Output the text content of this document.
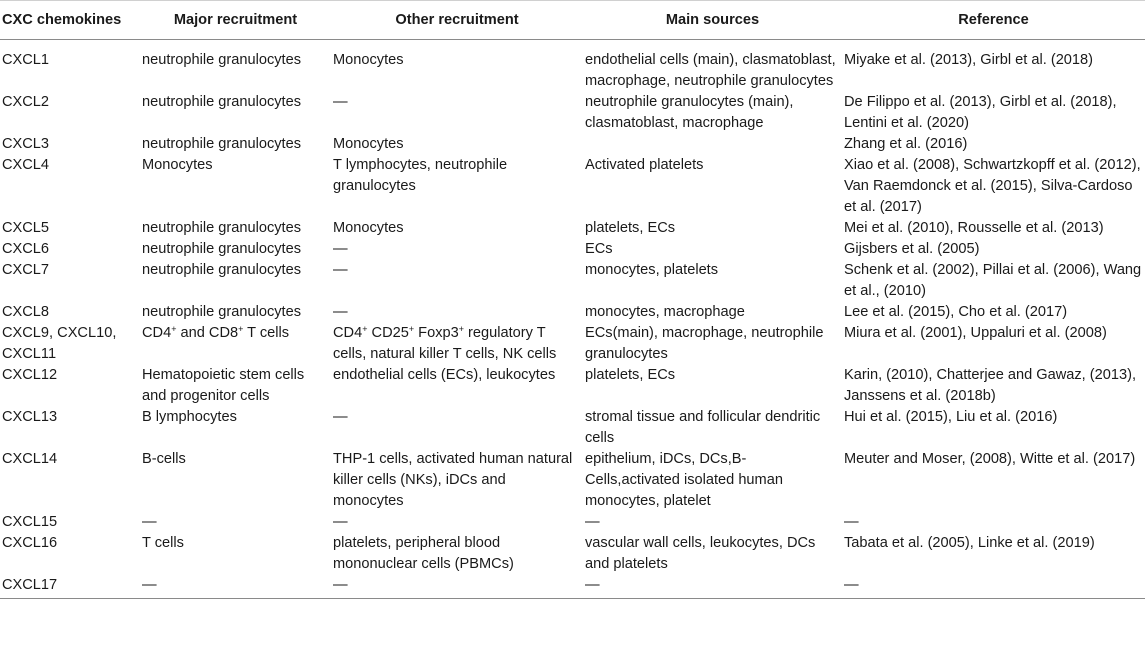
CXC chemokines	Major recruitment	Other recruitment	Main sources	Reference
CXCL1	neutrophile granulocytes	Monocytes	endothelial cells (main), clasmatoblast, macrophage, neutrophile granulocytes	Miyake et al. (2013), Girbl et al. (2018)
CXCL2	neutrophile granulocytes	—	neutrophile granulocytes (main), clasmatoblast, macrophage	De Filippo et al. (2013), Girbl et al. (2018), Lentini et al. (2020)
CXCL3	neutrophile granulocytes	Monocytes		Zhang et al. (2016)
CXCL4	Monocytes	T lymphocytes, neutrophile granulocytes	Activated platelets	Xiao et al. (2008), Schwartzkopff et al. (2012), Van Raemdonck et al. (2015), Silva-Cardoso et al. (2017)
CXCL5	neutrophile granulocytes	Monocytes	platelets, ECs	Mei et al. (2010), Rousselle et al. (2013)
CXCL6	neutrophile granulocytes	—	ECs	Gijsbers et al. (2005)
CXCL7	neutrophile granulocytes	—	monocytes, platelets	Schenk et al. (2002), Pillai et al. (2006), Wang et al., (2010)
CXCL8	neutrophile granulocytes	—	monocytes, macrophage	Lee et al. (2015), Cho et al. (2017)
CXCL9, CXCL10, CXCL11	CD4+ and CD8+ T cells	CD4+ CD25+ Foxp3+ regulatory T cells, natural killer T cells, NK cells	ECs(main), macrophage, neutrophile granulocytes	Miura et al. (2001), Uppaluri et al. (2008)
CXCL12	Hematopoietic stem cells and progenitor cells	endothelial cells (ECs), leukocytes	platelets, ECs	Karin, (2010), Chatterjee and Gawaz, (2013), Janssens et al. (2018b)
CXCL13	B lymphocytes	—	stromal tissue and follicular dendritic cells	Hui et al. (2015), Liu et al. (2016)
CXCL14	B-cells	THP-1 cells, activated human natural killer cells (NKs), iDCs and monocytes	epithelium, iDCs, DCs,B-Cells,activated isolated human monocytes, platelet	Meuter and Moser, (2008), Witte et al. (2017)
CXCL15	—	—	—	—
CXCL16	T cells	platelets, peripheral blood mononuclear cells (PBMCs)	vascular wall cells, leukocytes, DCs and platelets	Tabata et al. (2005), Linke et al. (2019)
CXCL17	—	—	—	—
